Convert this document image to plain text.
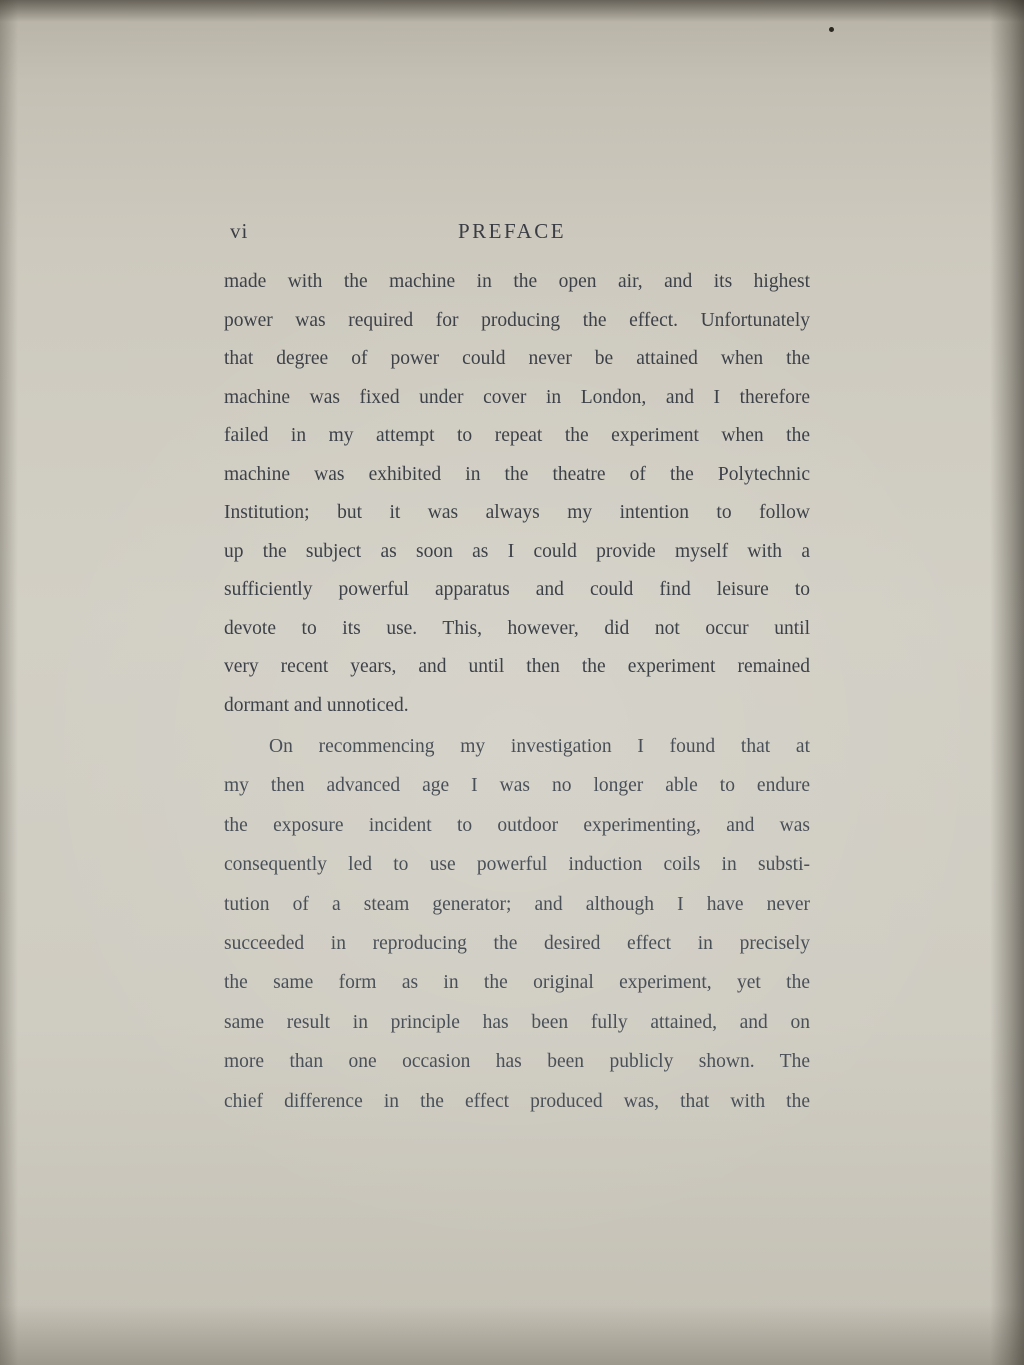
vi	PREFACE
made with the machine in the open air, and its highest
power was required for producing the effect. Unfortunately
that degree of power could never be attained when the
machine was fixed under cover in London, and I therefore
failed in my attempt to repeat the experiment when the
machine was exhibited in the theatre of the Polytechnic
Institution; but it was always my intention to follow
up the subject as soon as I could provide myself with a
sufficiently powerful apparatus and could find leisure to
devote to its use. This, however, did not occur until
very recent years, and until then the experiment remained
dormant and unnoticed.
On recommencing my investigation I found that at
my then advanced age I was no longer able to endure
the exposure incident to outdoor experimenting, and was
consequently led to use powerful induction coils in substi-
tution of a steam generator; and although I have never
succeeded in reproducing the desired effect in precisely
the same form as in the original experiment, yet the
same result in principle has been fully attained, and on
more than one occasion has been publicly shown. The
chief difference in the effect produced was, that with the
